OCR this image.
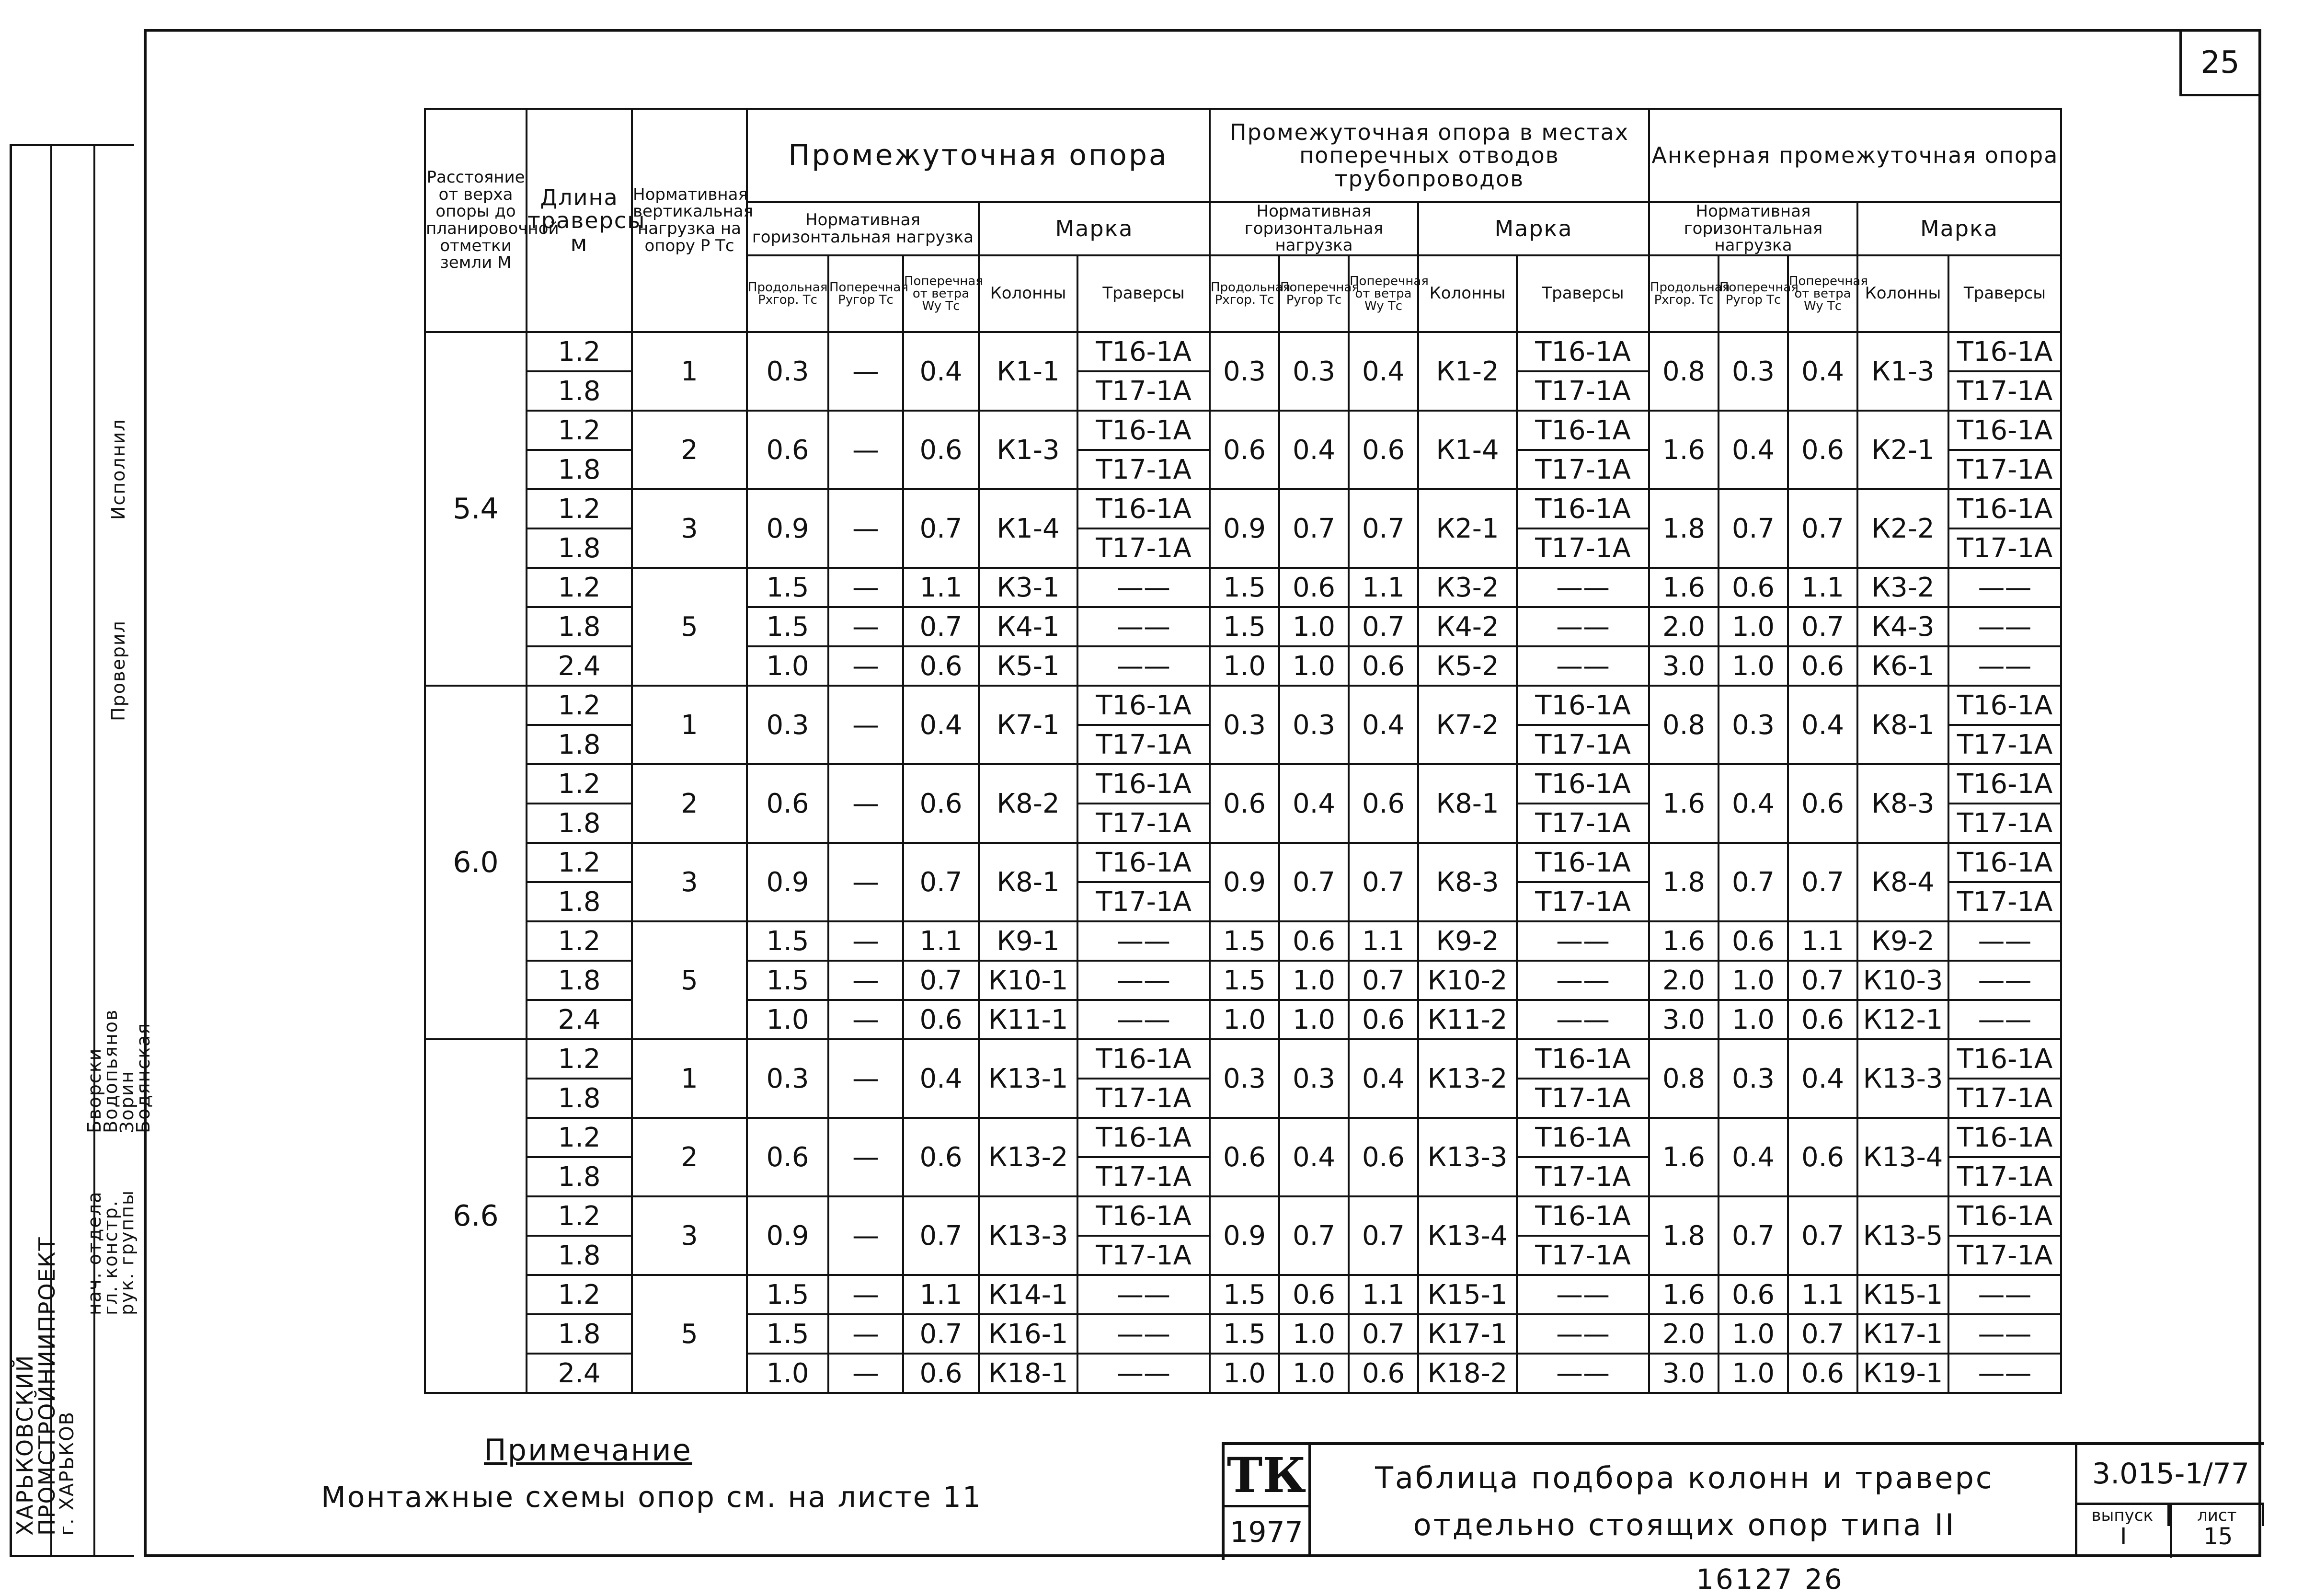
25
ХАРЬКОВСКИЙ
ПРОМСТРОЙНИИПРОЕКТ
г. ХАРЬКОВ
нач. отдела
гл. констр.
рук. группы
Бворски
Водопьянов
Зорин
Бодянская
Проверил
Исполнил
Расстояние от верха опоры до планировочной отметки земли М	Длина траверсы м	Нормативная вертикальная нагрузка на опору Р Тс	Промежуточная опора					Промежуточная опора в местах поперечных отводов трубопроводов					Анкерная промежуточная опора				
			Нормативная горизонтальная нагрузка			Марка		Нормативная горизонтальная нагрузка			Марка		Нормативная горизонтальная нагрузка			Марка	
			Продольная Рxгор. Тс	Поперечная Рyгор Тс	Поперечная от ветра Wy Тс	Колонны	Траверсы	Продольная Рxгор. Тс	Поперечная Рyгор Тс	Поперечная от ветра Wy Тс	Колонны	Траверсы	Продольная Рxгор. Тс	Поперечная Рyгор Тс	Поперечная от ветра Wy Тс	Колонны	Траверсы
5.4	1.2	1	0.3	—	0.4	К1-1	Т16-1А	0.3	0.3	0.4	К1-2	Т16-1А	0.8	0.3	0.4	К1-3	Т16-1А
	1.8						Т17-1А					Т17-1А					Т17-1А
	1.2	2	0.6	—	0.6	К1-3	Т16-1А	0.6	0.4	0.6	К1-4	Т16-1А	1.6	0.4	0.6	К2-1	Т16-1А
	1.8						Т17-1А					Т17-1А					Т17-1А
	1.2	3	0.9	—	0.7	К1-4	Т16-1А	0.9	0.7	0.7	К2-1	Т16-1А	1.8	0.7	0.7	К2-2	Т16-1А
	1.8						Т17-1А					Т17-1А					Т17-1А
	1.2	5	1.5	—	1.1	К3-1	——	1.5	0.6	1.1	К3-2	——	1.6	0.6	1.1	К3-2	——
	1.8		1.5	—	0.7	К4-1	——	1.5	1.0	0.7	К4-2	——	2.0	1.0	0.7	К4-3	——
	2.4		1.0	—	0.6	К5-1	——	1.0	1.0	0.6	К5-2	——	3.0	1.0	0.6	К6-1	——
6.0	1.2	1	0.3	—	0.4	К7-1	Т16-1А	0.3	0.3	0.4	К7-2	Т16-1А	0.8	0.3	0.4	К8-1	Т16-1А
	1.8						Т17-1А					Т17-1А					Т17-1А
	1.2	2	0.6	—	0.6	К8-2	Т16-1А	0.6	0.4	0.6	К8-1	Т16-1А	1.6	0.4	0.6	К8-3	Т16-1А
	1.8						Т17-1А					Т17-1А					Т17-1А
	1.2	3	0.9	—	0.7	К8-1	Т16-1А	0.9	0.7	0.7	К8-3	Т16-1А	1.8	0.7	0.7	К8-4	Т16-1А
	1.8						Т17-1А					Т17-1А					Т17-1А
	1.2	5	1.5	—	1.1	К9-1	——	1.5	0.6	1.1	К9-2	——	1.6	0.6	1.1	К9-2	——
	1.8		1.5	—	0.7	К10-1	——	1.5	1.0	0.7	К10-2	——	2.0	1.0	0.7	К10-3	——
	2.4		1.0	—	0.6	К11-1	——	1.0	1.0	0.6	К11-2	——	3.0	1.0	0.6	К12-1	——
6.6	1.2	1	0.3	—	0.4	К13-1	Т16-1А	0.3	0.3	0.4	К13-2	Т16-1А	0.8	0.3	0.4	К13-3	Т16-1А
	1.8						Т17-1А					Т17-1А					Т17-1А
	1.2	2	0.6	—	0.6	К13-2	Т16-1А	0.6	0.4	0.6	К13-3	Т16-1А	1.6	0.4	0.6	К13-4	Т16-1А
	1.8						Т17-1А					Т17-1А					Т17-1А
	1.2	3	0.9	—	0.7	К13-3	Т16-1А	0.9	0.7	0.7	К13-4	Т16-1А	1.8	0.7	0.7	К13-5	Т16-1А
	1.8						Т17-1А					Т17-1А					Т17-1А
	1.2	5	1.5	—	1.1	К14-1	——	1.5	0.6	1.1	К15-1	——	1.6	0.6	1.1	К15-1	——
	1.8		1.5	—	0.7	К16-1	——	1.5	1.0	0.7	К17-1	——	2.0	1.0	0.7	К17-1	——
	2.4		1.0	—	0.6	К18-1	——	1.0	1.0	0.6	К18-2	——	3.0	1.0	0.6	К19-1	——
Примечание
Монтажные схемы опор см. на листе 11	ТК
1977
Таблица подбора колонн и траверс
отдельно стоящих опор типа II
3.015-1/77
выпуск
I
лист
15
16127 26
